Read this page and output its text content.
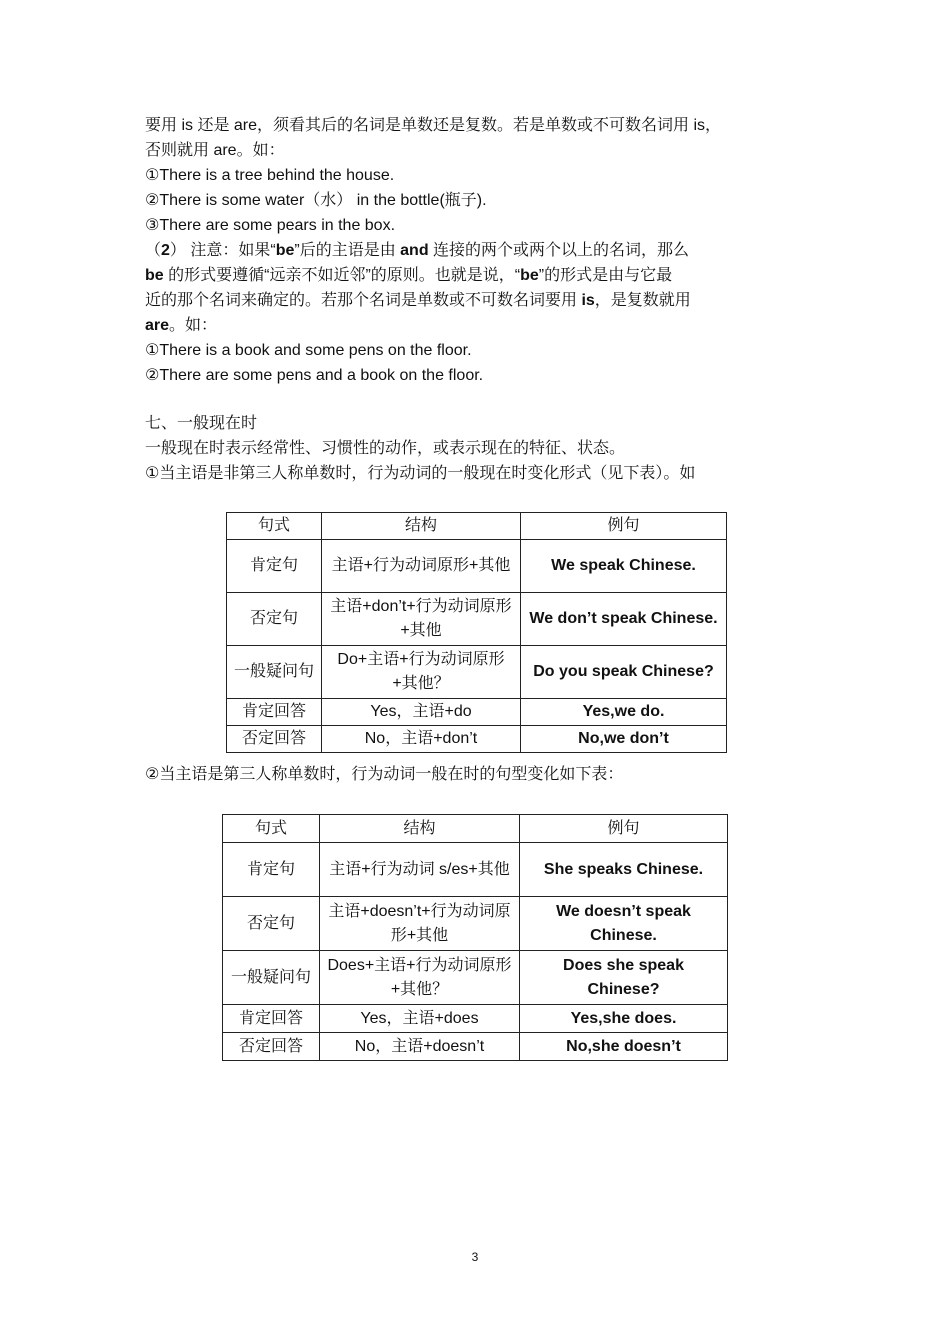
要用 is 还是 are，须看其后的名词是单数还是复数。若是单数或不可数名词用 is，
否则就用 are。如：
①There is a tree behind the house.
②There is some water（水） in the bottle(瓶子).
③There are some pears in the box.
（2） 注意：如果“be”后的主语是由 and 连接的两个或两个以上的名词，那么
be 的形式要遵循“远亲不如近邻”的原则。也就是说，“be”的形式是由与它最
近的那个名词来确定的。若那个名词是单数或不可数名词要用 is，是复数就用
are。如：
①There is a book and some pens on the floor.
②There are some pens and a book on the floor.
七、一般现在时
一般现在时表示经常性、习惯性的动作，或表示现在的特征、状态。
①当主语是非第三人称单数时，行为动词的一般现在时变化形式（见下表）。如
句式	结构	例句
肯定句	主语+行为动词原形+其他	We speak Chinese.
否定句	主语+don’t+行为动词原形+其他	We don’t speak Chinese.
一般疑问句	Do+主语+行为动词原形+其他？	Do you speak Chinese?
肯定回答	Yes，主语+do	Yes,we do.
否定回答	No，主语+don’t	No,we don’t
②当主语是第三人称单数时，行为动词一般在时的句型变化如下表：
句式	结构	例句
肯定句	主语+行为动词 s/es+其他	She speaks Chinese.
否定句	主语+doesn’t+行为动词原形+其他	We doesn’t speak Chinese.
一般疑问句	Does+主语+行为动词原形+其他？	Does she speak Chinese?
肯定回答	Yes，主语+does	Yes,she does.
否定回答	No，主语+doesn’t	No,she doesn’t
3
